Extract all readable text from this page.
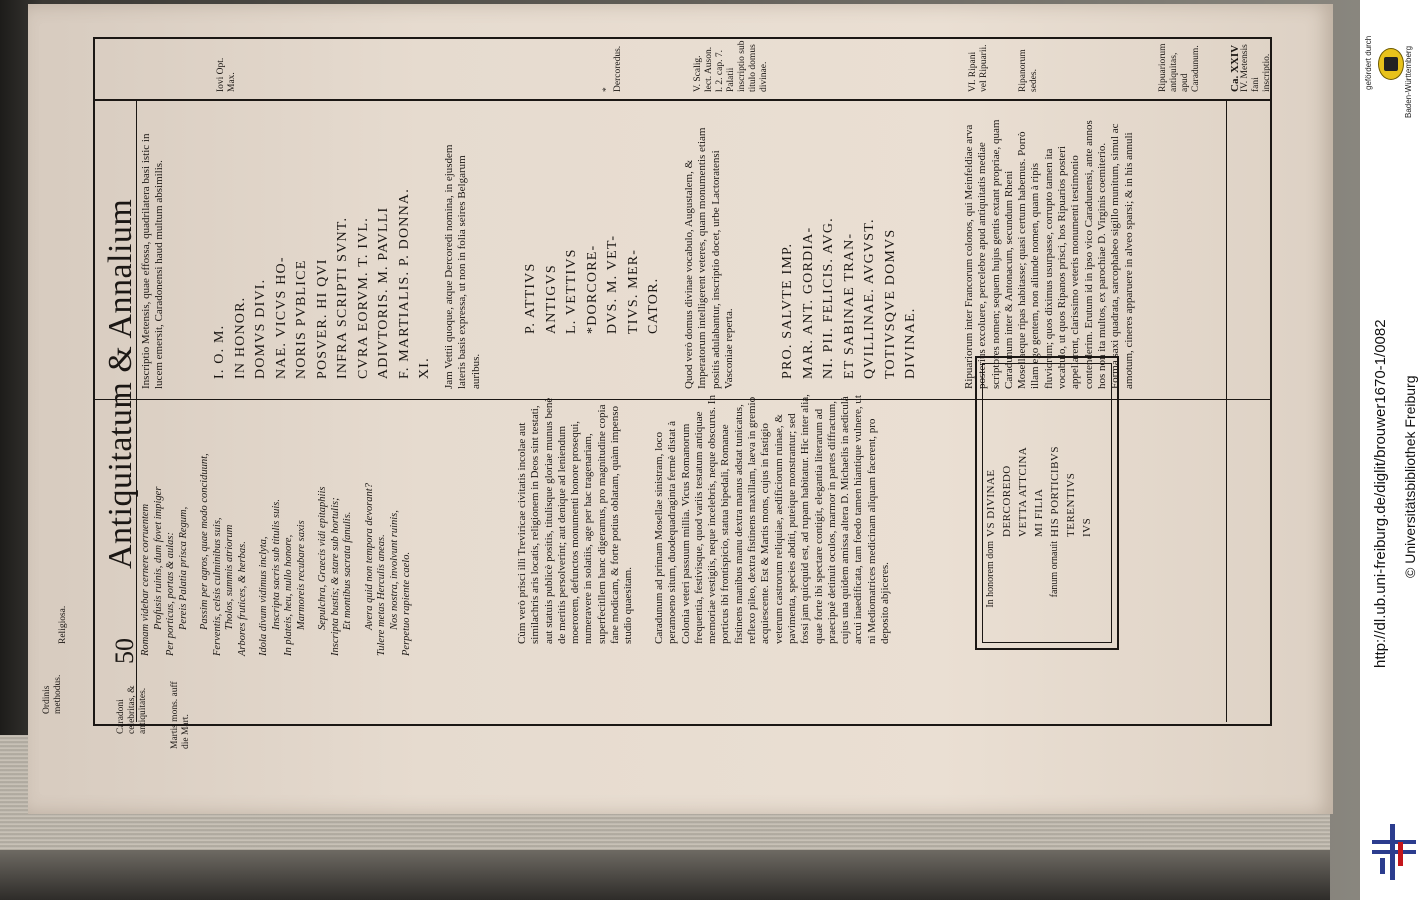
50
Antiquitatum & Annalium
Ca. XXIV
Ordinis methodus.
Religiosa.
Caradoni celebritas, & antiquitates. Martis mons. auff die Mart.
Romam videbar cernere corruentem Profusis ruinis, dum fovet impiger Per porticus, portas & aulas: Pereis Palatia prisca Regum, Passim per agros, quae modo conciduunt, Ferventis, celsis culminibus suis, Tholos, summis atriorum Arbores frutices, & herbas. Idola divum vidimus inclyta, Inscripta sacris sub titulis suis. In plateis, heu, nullo honore, Marmoreis recubare saxis Sepulchra, Graecis vidi epitaphiis Inscripta bustis; & stare sub hortulis; Et montibus sacrata fanulis. Avera quid non tempora devorant? Tulere metas Herculis aneas. Nos nostra, involvunt ruinis, Perpetuo rapiente caelo.	Cùm verò prisci illi Treviricae civitatis incolae aut similachris aris locatis, religionem in Deos sint testati, aut statuis publicè positis, titulisque gloriae munus benè de meritis persolverint; aut denique ad leniendum moerorem, defunctos monumenti honore prosequi, numeravere in solatiis, age per hac tragenariam, superfecitllem hanc digeramus, pro magnitudine copia fane modicam, & forte potius oblatam, quàm impenso studio quaesitam. Caradunum ad primam Mosellae sinistram, loco peramoeno situm, duodequadraginta fermè distat à Colonia veteri passuum millia. Vicus Romanorum frequentia, festivisque, quod variis testatum antiquae memoriae vestigiis, neque incelebris, neque obscurus. In porticus ibi frontispicio, statua bipedali, Romanae fistinens manibus manu dextra manus adstat tunicatus, reflexo pileo, dextra fistinens maxillam, laeva in gremio acquiescente. Est & Martis mons, cujus in fastigio veterum castrorum reliquiae, aedificiorum ruinae, & pavimenta, species abditi, puteique monstrantur; sed fossi jam quicquid est, ad rupam habitatur. Hic inter alia, quae forte ibi spectare contigit, elegantia literarum ad praecipuè detinuit oculos, marmor in partes diffractum, cujus una quidem amissa altera D. Michaelis in aediculà arcui inaedificata, tam foedo tamen hiantique vulnere, ut ni Mediomatrices medicinam aliquam facerent, pro deposito abjiceres.	In honorem dom
VS DIVINAE DERCOREDO VETTA ATTCINA MI FILIA
fanum ornauit
HIS PORTICIBVS TERENTIVS IVS
Inscriptio Metensis, quae effossa, quadrilatera basi istic in lucem emersit, Caradonensi haud multum absimilis.	I. O. M. IN HONOR. DOMVS DIVI. NAE. VICVS HO- NORIS PVBLICE POSVER. HI QVI INFRA SCRIPTI SVNT. CVRA EORVM. T. IVL. ADIVTORIS. M. PAVLLI F. MARTIALIS. P. DONNA. XI.	Jam Vettii quoque, atque Dercoredi nomina, in ejusdem lateris basis expressa, ut non in folia seires Belgarum auribus.
P. ATTIVS ANTIGVS L. VETTIVS *DORCORE- DVS. M. VET- TIVS. MER- CATOR.	Quod verò domus divinae vocabulo, Augustalem, & Imperatorum intelligerent veteres, quam monumentis etiam positis adulabantur, inscriptio docet, urbe Lactoratensi Vasconiae reperta.	PRO. SALVTE IMP. MAR. ANT. GORDIA- NI. PII. FELICIS. AVG. ET SABINAE TRAN- QVILLINAE. AVGVST. TOTIVSQVE DOMVS DIVINAE.	Ripuariorum inter Francorum colonos, qui Meinfeldiae arva posterius excoluere, percelebre apud antiquitatis mediae scriptores nomen; sequem hujus gentis extant propriae, quam Caradunum inter & Antonacum, secundum Rheni Mosellaeque ripas habitasse; quasi certum habemus. Porrò illam ego gentem, non aliunde nomen, quam à ripis fluviorum; quos diximus usurpasse, corrupto tamen ita vocabulo, ut quos Ripanos prisci, hos Ripuarios posteri appellarent, clarissimo veteris monumenti testimonio contenderim. Erutum id in ipso vico Caradunensi, ante annos hos non ita multos, ex parochiae D. Virginis coemiterio. Forma saxi quadrata, sarcophabeo sigillo munitum, simul ac amotum, cineres apparuere in alveo sparsi; & in his annuli
IV. Metensis fani inscriptio.
Iovi Opt. Max.	* Dercoredus.	V. Scalig. lect. Auson. l. 2. cap. 7. Palatii inscriptio sub titulo domus divinae.	VI. Ripani vel Ripuarii.	Ripanorum sedes.	Ripuariorum antiquitas, apud Caradunum.	gefördert durch	Baden-Württemberg
http://dl.ub.uni-freiburg.de/diglit/brouwer1670-1/0082 © Universitätsbibliothek Freiburg
